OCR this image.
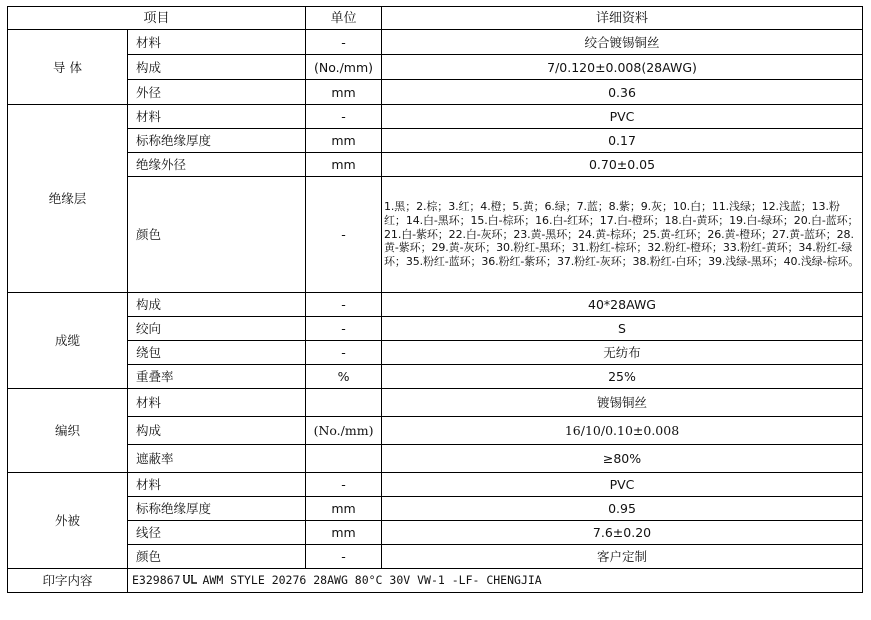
项目		单位	详细资料
导 体	材料	-	绞合镀锡铜丝
	构成	(No./mm)	7/0.120±0.008(28AWG)
	外径	mm	0.36
绝缘层	材料	-	PVC
	标称绝缘厚度	mm	0.17
	绝缘外径	mm	0.70±0.05
	颜色	-	1.黑；2.棕；3.红；4.橙；5.黄；6.绿；7.蓝；8.紫；9.灰；10.白；11.浅绿；12.浅蓝；13.粉红；14.白-黑环；15.白-棕环；16.白-红环；17.白-橙环；18.白-黄环；19.白-绿环；20.白-蓝环；21.白-紫环；22.白-灰环；23.黄-黑环；24.黄-棕环；25.黄-红环；26.黄-橙环；27.黄-蓝环；28.黄-紫环；29.黄-灰环；30.粉红-黑环；31.粉红-棕环；32.粉红-橙环；33.粉红-黄环；34.粉红-绿环；35.粉红-蓝环；36.粉红-紫环；37.粉红-灰环；38.粉红-白环；39.浅绿-黑环；40.浅绿-棕环。
成缆	构成	-	40*28AWG
	绞向	-	S
	绕包	-	无纺布
	重叠率	%	25%
编织	材料		镀锡铜丝
	构成	(No./mm)	16/10/0.10±0.008
	遮蔽率		≥80%
外被	材料	-	PVC
	标称绝缘厚度	mm	0.95
	线径	mm	7.6±0.20
	颜色	-	客户定制
印字内容	E329867 AWM STYLE 20276 28AWG 80°C 30V VW-1 -LF- CHENGJIA		
